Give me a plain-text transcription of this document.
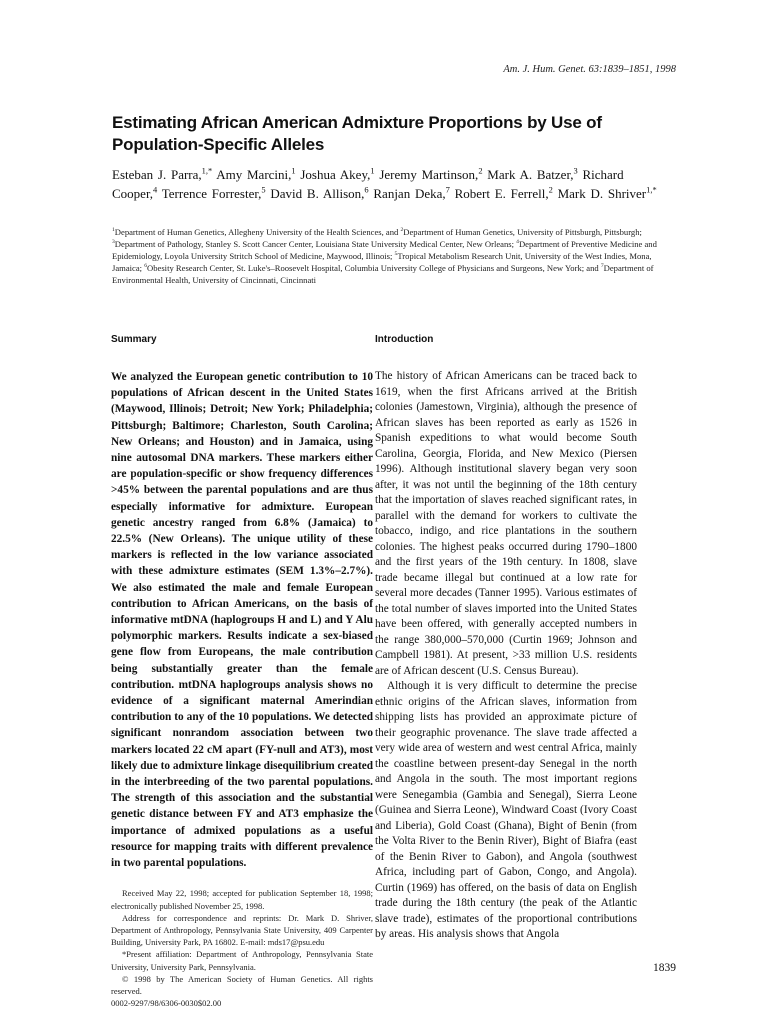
Am. J. Hum. Genet. 63:1839–1851, 1998
Estimating African American Admixture Proportions by Use of Population-Specific Alleles
Esteban J. Parra,$^{1,*}$ Amy Marcini,$^1$ Joshua Akey,$^1$ Jeremy Martinson,$^2$ Mark A. Batzer,$^3$ Richard Cooper,$^4$ Terrence Forrester,$^5$ David B. Allison,$^6$ Ranjan Deka,$^7$ Robert E. Ferrell,$^2$ Mark D. Shriver$^{1,*}$
$^1$Department of Human Genetics, Allegheny University of the Health Sciences, and $^2$Department of Human Genetics, University of Pittsburgh, Pittsburgh; $^3$Department of Pathology, Stanley S. Scott Cancer Center, Louisiana State University Medical Center, New Orleans; $^4$Department of Preventive Medicine and Epidemiology, Loyola University Stritch School of Medicine, Maywood, Illinois; $^5$Tropical Metabolism Research Unit, University of the West Indies, Mona, Jamaica; $^6$Obesity Research Center, St. Luke's–Roosevelt Hospital, Columbia University College of Physicians and Surgeons, New York; and $^7$Department of Environmental Health, University of Cincinnati, Cincinnati
Summary
We analyzed the European genetic contribution to 10 populations of African descent in the United States (Maywood, Illinois; Detroit; New York; Philadelphia; Pittsburgh; Baltimore; Charleston, South Carolina; New Orleans; and Houston) and in Jamaica, using nine autosomal DNA markers. These markers either are population-specific or show frequency differences >45% between the parental populations and are thus especially informative for admixture. European genetic ancestry ranged from 6.8% (Jamaica) to 22.5% (New Orleans). The unique utility of these markers is reflected in the low variance associated with these admixture estimates (SEM 1.3%–2.7%). We also estimated the male and female European contribution to African Americans, on the basis of informative mtDNA (haplogroups H and L) and Y Alu polymorphic markers. Results indicate a sex-biased gene flow from Europeans, the male contribution being substantially greater than the female contribution. mtDNA haplogroups analysis shows no evidence of a significant maternal Amerindian contribution to any of the 10 populations. We detected significant nonrandom association between two markers located 22 cM apart (FY-null and AT3), most likely due to admixture linkage disequilibrium created in the interbreeding of the two parental populations. The strength of this association and the substantial genetic distance between FY and AT3 emphasize the importance of admixed populations as a useful resource for mapping traits with different prevalence in two parental populations.

Received May 22, 1998; accepted for publication September 18, 1998; electronically published November 25, 1998.

Address for correspondence and reprints: Dr. Mark D. Shriver, Department of Anthropology, Pennsylvania State University, 409 Carpenter Building, University Park, PA 16802. E-mail: mds17@psu.edu

*Present affiliation: Department of Anthropology, Pennsylvania State University, University Park, Pennsylvania.

© 1998 by The American Society of Human Genetics. All rights reserved.

0002-9297/98/6306-0030$02.00

Introduction

The history of African Americans can be traced back to 1619, when the first Africans arrived at the British colonies (Jamestown, Virginia), although the presence of African slaves has been reported as early as 1526 in Spanish expeditions to what would become South Carolina, Georgia, Florida, and New Mexico (Piersen 1996). Although institutional slavery began very soon after, it was not until the beginning of the 18th century that the importation of slaves reached significant rates, in parallel with the demand for workers to cultivate the tobacco, indigo, and rice plantations in the southern colonies. The highest peaks occurred during 1790–1800 and the first years of the 19th century. In 1808, slave trade became illegal but continued at a low rate for several more decades (Tanner 1995). Various estimates of the total number of slaves imported into the United States have been offered, with generally accepted numbers in the range 380,000–570,000 (Curtin 1969; Johnson and Campbell 1981). At present, >33 million U.S. residents are of African descent (U.S. Census Bureau).

Although it is very difficult to determine the precise ethnic origins of the African slaves, information from shipping lists has provided an approximate picture of their geographic provenance. The slave trade affected a very wide area of western and west central Africa, mainly the coastline between present-day Senegal in the north and Angola in the south. The most important regions were Senegambia (Gambia and Senegal), Sierra Leone (Guinea and Sierra Leone), Windward Coast (Ivory Coast and Liberia), Gold Coast (Ghana), Bight of Benin (from the Volta River to the Benin River), Bight of Biafra (east of the Benin River to Gabon), and Angola (southwest Africa, including part of Gabon, Congo, and Angola). Curtin (1969) has offered, on the basis of data on English trade during the 18th century (the peak of the Atlantic slave trade), estimates of the proportional contributions by areas. His analysis shows that Angola

1839
